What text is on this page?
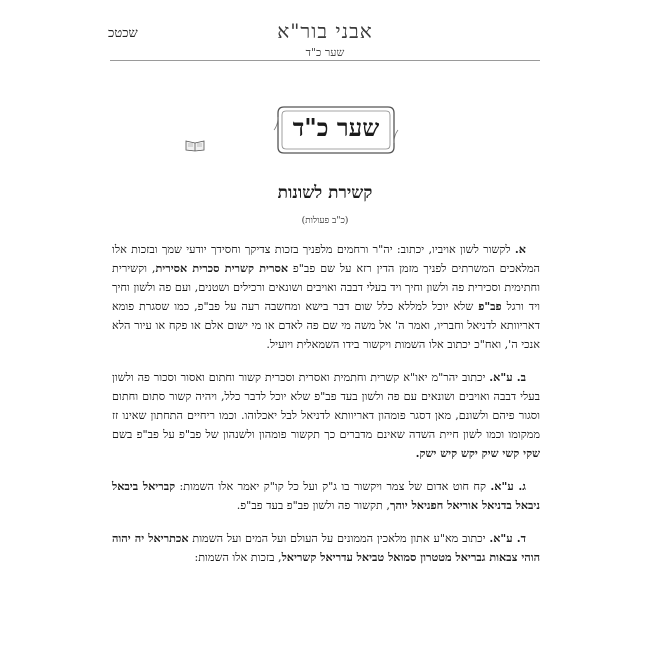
אבני בור"א
שער כ"ד
שכטכ
שער כ"ד
קשירת לשונות
(כ"ב פעולות)

א. לקשור לשון אויביו, יכתוב: יה"ר ורחמים מלפניך בזכות צדיקך וחסידך יודעי שמך ובזכות אלו המלאכים המשרתים לפניך מזמן הדין רזא על שם פב"פ אסרית קשרית סכרית אסירית, וקשירית וחתימית וסכירית פה ולשון וחיך ויד בעלי דבבה ואויבים ושונאים ורכילים ושטנים, ועם פה ולשון וחיך ויד ורגל פב"פ שלא יוכל למללא כלל שום דבר בישא ומחשבה רעה על פב"פ, כמו שסגרת פומא דאריוותא לדניאל וחבריו, ואמר ה' אל משה מי שם פה לאדם או מי ישום אלם או פקח או עיור הלא אנכי ה', ואח"כ יכתוב אלו השמות ויקשור בידו השמאלית ויועיל.

ב. ע"א. יכתוב יהר"מ יאו"א קשרית וחתמית ואסרית וסכרית קשור וחתום ואסור וסכור פה ולשון בעלי דבבה ואויבים ושונאים עם פה ולשון בעד פב"פ שלא יוכל לדבר כלל, ויהיה קשור סתום וחתום וסגור פיהם ולשונם, מאן דסגר פומהון דאריוותא לדניאל לבל יאכלוהו. וכמו ריחיים התחתון שאינו זז ממקומו וכמו לשון חיית השדה שאינם מדברים כך תקשור פומהון ולשנהון של פב"פ על פב"פ בשם שקי קשי שיק יקש קיש ישק.

ג. ע"א. קח חוט אדום של צמר ויקשור בו ג"ק ועל כל קו"ק יאמר אלו השמות: קבריאל ביבאל ניבאל בדניאל אוריאל חפניאל יוהך, תקשור פה ולשון פב"פ בעד פב"פ.

ד. ע"א. יכתוב מא"ע אתון מלאכין הממונים על העולם ועל המים ועל השמות אכתריאל יה יהוה הוהי צבאות גבריאל מטטרון סמואל טביאל עדריאל קשריאל, בזכות אלו השמות:
